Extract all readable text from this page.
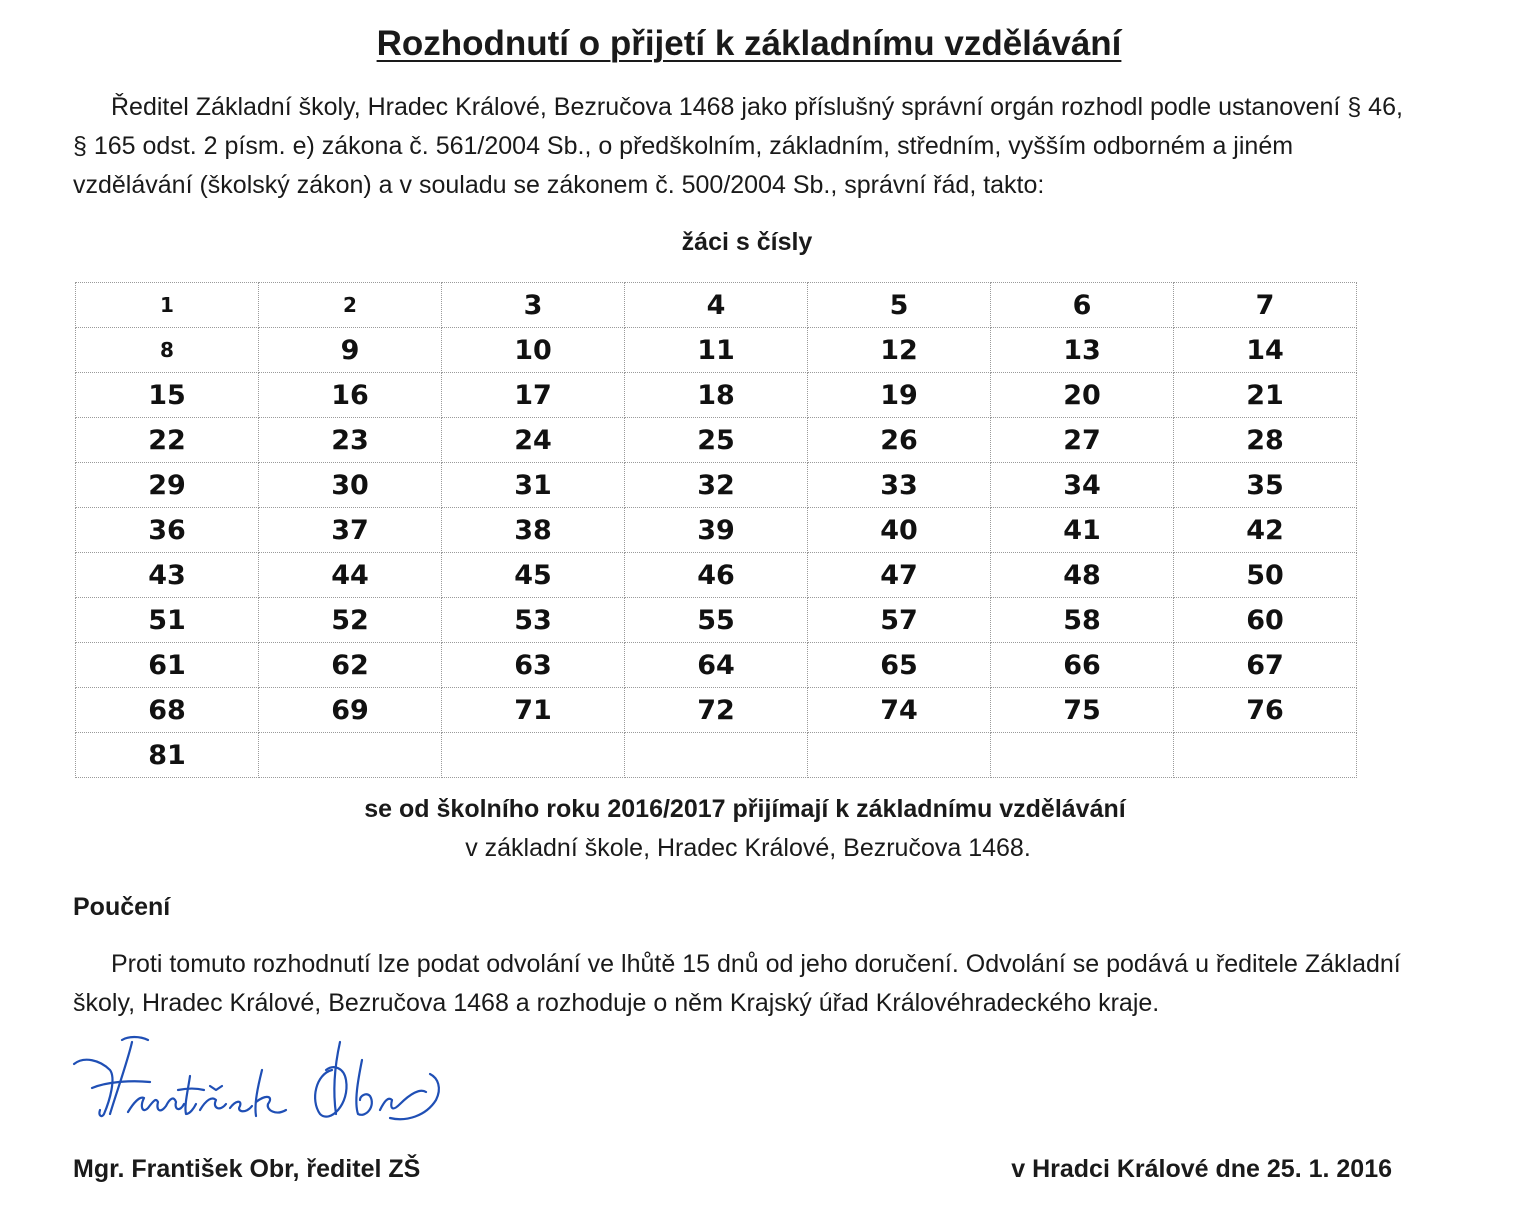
Rozhodnutí o přijetí k základnímu vzdělávání

Ředitel Základní školy, Hradec Králové, Bezručova 1468 jako příslušný správní orgán rozhodl podle ustanovení § 46, § 165 odst. 2 písm. e) zákona č. 561/2004 Sb., o předškolním, základním, středním, vyšším odborném a jiném vzdělávání (školský zákon) a v souladu se zákonem č. 500/2004 Sb., správní řád, takto:

žáci s čísly
1	2	3	4	5	6	7
8	9	10	11	12	13	14
15	16	17	18	19	20	21
22	23	24	25	26	27	28
29	30	31	32	33	34	35
36	37	38	39	40	41	42
43	44	45	46	47	48	50
51	52	53	55	57	58	60
61	62	63	64	65	66	67
68	69	71	72	74	75	76
81						
se od školního roku 2016/2017 přijímají k základnímu vzdělávání
v základní škole, Hradec Králové, Bezručova 1468.
Poučení

Proti tomuto rozhodnutí lze podat odvolání ve lhůtě 15 dnů od jeho doručení. Odvolání se podává u ředitele Základní školy, Hradec Králové, Bezručova 1468 a rozhoduje o něm Krajský úřad Královéhradeckého kraje.

Mgr. František Obr, ředitel ZŠ	v Hradci Králové dne 25. 1. 2016
